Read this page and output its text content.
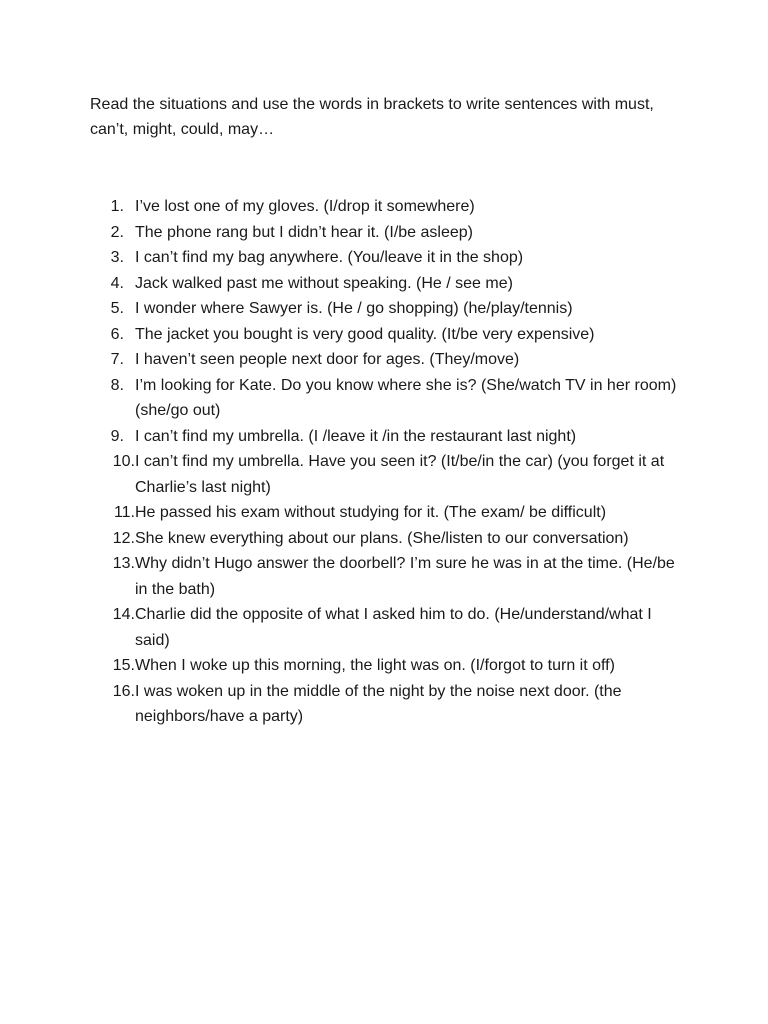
Read the situations and use the words in brackets to write sentences with must, can’t, might, could, may…

1. I’ve lost one of my gloves. (I/drop it somewhere)
2. The phone rang but I didn’t hear it. (I/be asleep)
3. I can’t find my bag anywhere. (You/leave it in the shop)
4. Jack walked past me without speaking. (He / see me)
5. I wonder where Sawyer is. (He / go shopping) (he/play/tennis)
6. The jacket you bought is very good quality. (It/be very expensive)
7. I haven’t seen people next door for ages. (They/move)
8. I’m looking for Kate. Do you know where she is? (She/watch TV in her room) (she/go out)
9. I can’t find my umbrella. (I /leave it /in the restaurant last night)
10. I can’t find my umbrella. Have you seen it? (It/be/in the car) (you forget it at Charlie’s last night)
11. He passed his exam without studying for it. (The exam/ be difficult)
12. She knew everything about our plans. (She/listen to our conversation)
13. Why didn’t Hugo answer the doorbell? I’m sure he was in at the time. (He/be in the bath)
14. Charlie did the opposite of what I asked him to do. (He/understand/what I said)
15. When I woke up this morning, the light was on. (I/forgot to turn it off)
16. I was woken up in the middle of the night by the noise next door. (the neighbors/have a party)
